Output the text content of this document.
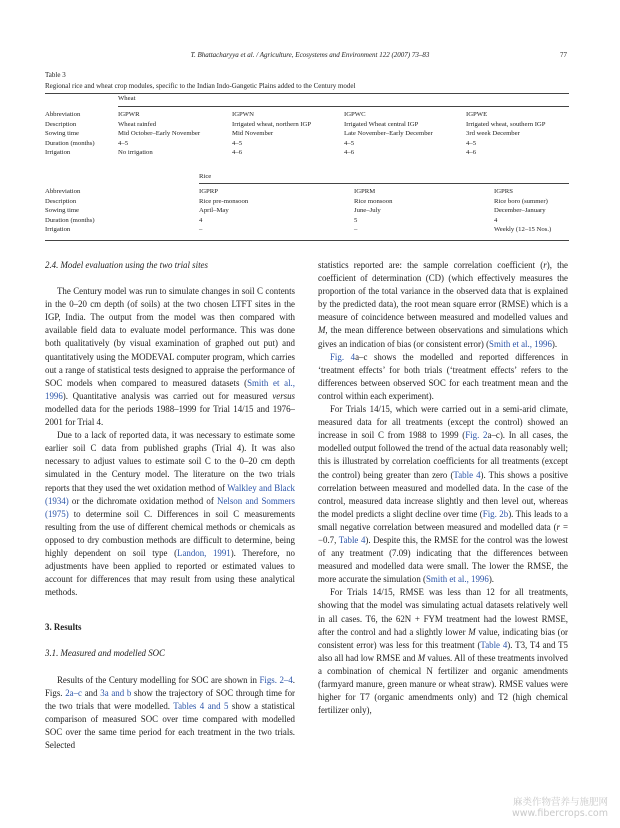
T. Bhattacharyya et al. / Agriculture, Ecosystems and Environment 122 (2007) 73–83	77
Table 3
Regional rice and wheat crop modules, specific to the Indian Indo-Gangetic Plains added to the Century model
Wheat
Abbreviation	IGPWR	IGPWN	IGPWC	IGPWE
Description	Wheat rainfed	Irrigated wheat, northern IGP	Irrigated Wheat central IGP	Irrigated wheat, southern IGP
Sowing time	Mid October–Early November	Mid November	Late November–Early December	3rd week December
Duration (months)	4–5	4–5	4–5	4–5
Irrigation	No irrigation	4–6	4–6	4–6
Rice
Abbreviation	IGPRP	IGPRM	IGPRS
Description	Rice pre-monsoon	Rice monsoon	Rice boro (summer)
Sowing time	April–May	June–July	December–January
Duration (months)	4	5	4
Irrigation	–	–	Weekly (12–15 Nos.)
2.4. Model evaluation using the two trial sites

The Century model was run to simulate changes in soil C contents in the 0–20 cm depth (of soils) at the two chosen LTFT sites in the IGP, India. The output from the model was then compared with available field data to evaluate model performance. This was done both qualitatively (by visual examination of graphed out put) and quantitatively using the MODEVAL computer program, which carries out a range of statistical tests designed to appraise the performance of SOC models when compared to measured datasets (Smith et al., 1996). Quantitative analysis was carried out for measured versus modelled data for the periods 1988–1999 for Trial 14/15 and 1976–2001 for Trial 4.

Due to a lack of reported data, it was necessary to estimate some earlier soil C data from published graphs (Trial 4). It was also necessary to adjust values to estimate soil C to the 0–20 cm depth simulated in the Century model. The literature on the two trials reports that they used the wet oxidation method of Walkley and Black (1934) or the dichromate oxidation method of Nelson and Sommers (1975) to determine soil C. Differences in soil C measurements resulting from the use of different chemical methods or chemicals as opposed to dry combustion methods are difficult to determine, being highly dependent on soil type (Landon, 1991). Therefore, no adjustments have been applied to reported or estimated values to account for differences that may result from using these analytical methods.

3. Results
3.1. Measured and modelled SOC

Results of the Century modelling for SOC are shown in Figs. 2–4. Figs. 2a–c and 3a and b show the trajectory of SOC through time for the two trials that were modelled. Tables 4 and 5 show a statistical comparison of measured SOC over time compared with modelled SOC over the same time period for each treatment in the two trials. Selected

statistics reported are: the sample correlation coefficient (r), the coefficient of determination (CD) (which effectively measures the proportion of the total variance in the observed data that is explained by the predicted data), the root mean square error (RMSE) which is a measure of coincidence between measured and modelled values and M, the mean difference between observations and simulations which gives an indication of bias (or consistent error) (Smith et al., 1996).

Fig. 4a–c shows the modelled and reported differences in ‘treatment effects’ for both trials (‘treatment effects’ refers to the differences between observed SOC for each treatment mean and the control within each experiment).

For Trials 14/15, which were carried out in a semi-arid climate, measured data for all treatments (except the control) showed an increase in soil C from 1988 to 1999 (Fig. 2a–c). In all cases, the modelled output followed the trend of the actual data reasonably well; this is illustrated by correlation coefficients for all treatments (except the control) being greater than zero (Table 4). This shows a positive correlation between measured and modelled data. In the case of the control, measured data increase slightly and then level out, whereas the model predicts a slight decline over time (Fig. 2b). This leads to a small negative correlation between measured and modelled data (r = −0.7, Table 4). Despite this, the RMSE for the control was the lowest of any treatment (7.09) indicating that the differences between measured and modelled data were small. The lower the RMSE, the more accurate the simulation (Smith et al., 1996).

For Trials 14/15, RMSE was less than 12 for all treatments, showing that the model was simulating actual datasets relatively well in all cases. T6, the 62N + FYM treatment had the lowest RMSE, after the control and had a slightly lower M value, indicating bias (or consistent error) was less for this treatment (Table 4). T3, T4 and T5 also all had low RMSE and M values. All of these treatments involved a combination of chemical N fertilizer and organic amendments (farmyard manure, green manure or wheat straw). RMSE values were higher for T7 (organic amendments only) and T2 (high chemical fertilizer only),

麻类作物营养与施肥网
www.fibercrops.com
